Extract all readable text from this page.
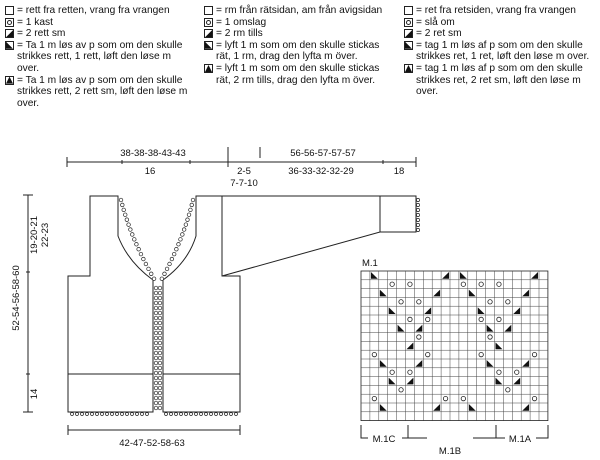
= rett fra retten, vrang fra vrangen
= 1 kast
= 2 rett sm
= Ta 1 m løs av p som om den skulle strikkes rett, 1 rett, løft den løse m over.
= Ta 1 m løs av p som om den skulle strikkes rett, 2 rett sm, løft den løse m over.
= rm från rätsidan, am från avigsidan
= 1 omslag
= 2 rm tills
= lyft 1 m som om den skulle stickas rät, 1 rm, drag den lyfta m över.
= lyft 1 m som om den skulle stickas rät, 2 rm tills, drag den lyfta m över.
= ret fra retsiden, vrang fra vrangen
= slå om
= 2 ret sm
= tag 1 m løs af p som om den skulle strikkes ret, 1 ret, løft den løse m over.
= tag 1 m løs af p som om den skulle strikkes ret, 2 ret sm, løft den løse m over.
38-38-38-43-43
16	2-5
7-7-10
56-56-57-57-57
36-33-32-32-29	18
52-54-56-58-60
19-20-21 22-23
14
42-47-52-58-63
M.1
M.1C
M.1B
M.1A
